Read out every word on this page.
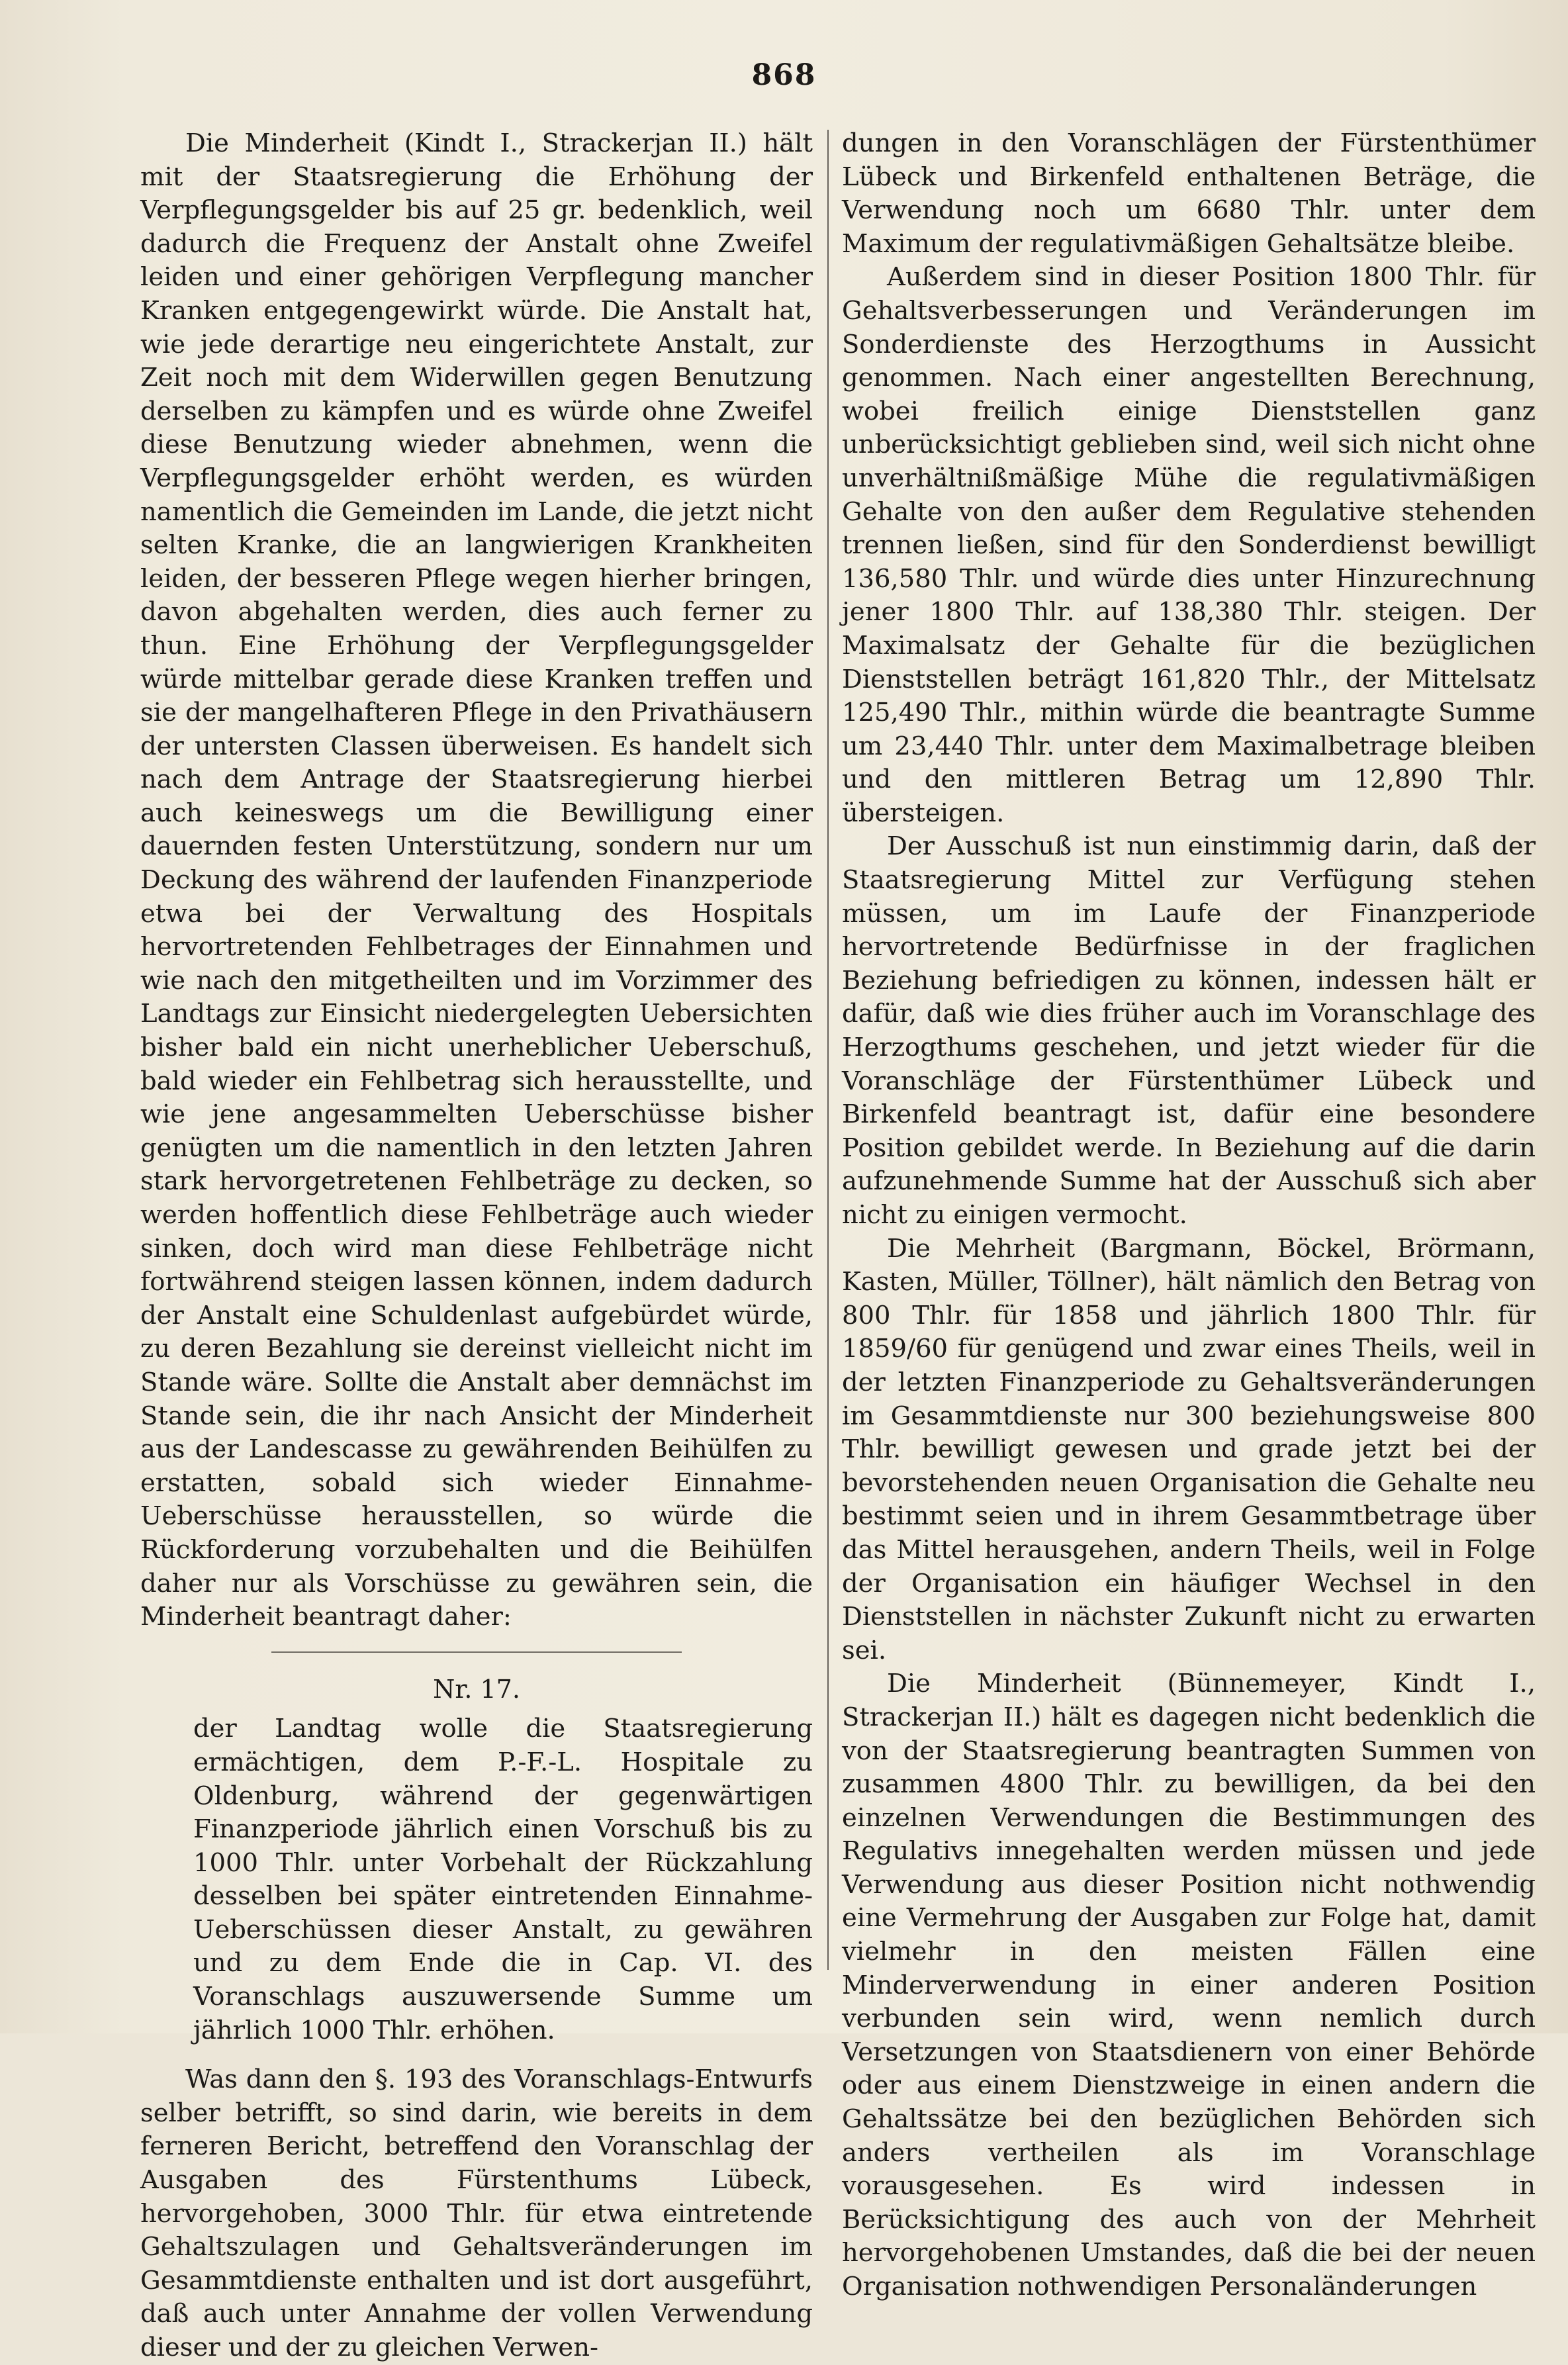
868

Die Minderheit (Kindt I., Strackerjan II.) hält mit der Staatsregierung die Erhöhung der Verpflegungsgelder bis auf 25 gr. bedenklich, weil dadurch die Frequenz der Anstalt ohne Zweifel leiden und einer gehörigen Verpflegung mancher Kranken entgegengewirkt würde. Die Anstalt hat, wie jede derartige neu eingerichtete Anstalt, zur Zeit noch mit dem Widerwillen gegen Benutzung derselben zu kämpfen und es würde ohne Zweifel diese Benutzung wieder abnehmen, wenn die Verpflegungsgelder erhöht werden, es würden namentlich die Gemeinden im Lande, die jetzt nicht selten Kranke, die an langwierigen Krankheiten leiden, der besseren Pflege wegen hierher bringen, davon abgehalten werden, dies auch ferner zu thun. Eine Erhöhung der Verpflegungsgelder würde mittelbar gerade diese Kranken treffen und sie der mangelhafteren Pflege in den Privathäusern der untersten Classen überweisen. Es handelt sich nach dem Antrage der Staatsregierung hierbei auch keineswegs um die Bewilligung einer dauernden festen Unterstützung, sondern nur um Deckung des während der laufenden Finanzperiode etwa bei der Verwaltung des Hospitals hervortretenden Fehlbetrages der Einnahmen und wie nach den mitgetheilten und im Vorzimmer des Landtags zur Einsicht niedergelegten Uebersichten bisher bald ein nicht unerheblicher Ueberschuß, bald wieder ein Fehlbetrag sich herausstellte, und wie jene angesammelten Ueberschüsse bisher genügten um die namentlich in den letzten Jahren stark hervorgetretenen Fehlbeträge zu decken, so werden hoffentlich diese Fehlbeträge auch wieder sinken, doch wird man diese Fehlbeträge nicht fortwährend steigen lassen können, indem dadurch der Anstalt eine Schuldenlast aufgebürdet würde, zu deren Bezahlung sie dereinst vielleicht nicht im Stande wäre. Sollte die Anstalt aber demnächst im Stande sein, die ihr nach Ansicht der Minderheit aus der Landescasse zu gewährenden Beihülfen zu erstatten, sobald sich wieder Einnahme-Ueberschüsse herausstellen, so würde die Rückforderung vorzubehalten und die Beihülfen daher nur als Vorschüsse zu gewähren sein, die Minderheit beantragt daher:

Nr. 17.

der Landtag wolle die Staatsregierung ermächtigen, dem P.-F.-L. Hospitale zu Oldenburg, während der gegenwärtigen Finanzperiode jährlich einen Vorschuß bis zu 1000 Thlr. unter Vorbehalt der Rückzahlung desselben bei später eintretenden Einnahme-Ueberschüssen dieser Anstalt, zu gewähren und zu dem Ende die in Cap. VI. des Voranschlags auszuwersende Summe um jährlich 1000 Thlr. erhöhen.

Was dann den §. 193 des Voranschlags-Entwurfs selber betrifft, so sind darin, wie bereits in dem ferneren Bericht, betreffend den Voranschlag der Ausgaben des Fürstenthums Lübeck, hervorgehoben, 3000 Thlr. für etwa eintretende Gehaltszulagen und Gehaltsveränderungen im Gesammtdienste enthalten und ist dort ausgeführt, daß auch unter Annahme der vollen Verwendung dieser und der zu gleichen Verwen-

dungen in den Voranschlägen der Fürstenthümer Lübeck und Birkenfeld enthaltenen Beträge, die Verwendung noch um 6680 Thlr. unter dem Maximum der regulativmäßigen Gehaltsätze bleibe.

Außerdem sind in dieser Position 1800 Thlr. für Gehaltsverbesserungen und Veränderungen im Sonderdienste des Herzogthums in Aussicht genommen. Nach einer angestellten Berechnung, wobei freilich einige Dienststellen ganz unberücksichtigt geblieben sind, weil sich nicht ohne unverhältnißmäßige Mühe die regulativmäßigen Gehalte von den außer dem Regulative stehenden trennen ließen, sind für den Sonderdienst bewilligt 136,580 Thlr. und würde dies unter Hinzurechnung jener 1800 Thlr. auf 138,380 Thlr. steigen. Der Maximalsatz der Gehalte für die bezüglichen Dienststellen beträgt 161,820 Thlr., der Mittelsatz 125,490 Thlr., mithin würde die beantragte Summe um 23,440 Thlr. unter dem Maximalbetrage bleiben und den mittleren Betrag um 12,890 Thlr. übersteigen.

Der Ausschuß ist nun einstimmig darin, daß der Staatsregierung Mittel zur Verfügung stehen müssen, um im Laufe der Finanzperiode hervortretende Bedürfnisse in der fraglichen Beziehung befriedigen zu können, indessen hält er dafür, daß wie dies früher auch im Voranschlage des Herzogthums geschehen, und jetzt wieder für die Voranschläge der Fürstenthümer Lübeck und Birkenfeld beantragt ist, dafür eine besondere Position gebildet werde. In Beziehung auf die darin aufzunehmende Summe hat der Ausschuß sich aber nicht zu einigen vermocht.

Die Mehrheit (Bargmann, Böckel, Brörmann, Kasten, Müller, Töllner), hält nämlich den Betrag von 800 Thlr. für 1858 und jährlich 1800 Thlr. für 1859/60 für genügend und zwar eines Theils, weil in der letzten Finanzperiode zu Gehaltsveränderungen im Gesammtdienste nur 300 beziehungsweise 800 Thlr. bewilligt gewesen und grade jetzt bei der bevorstehenden neuen Organisation die Gehalte neu bestimmt seien und in ihrem Gesammtbetrage über das Mittel herausgehen, andern Theils, weil in Folge der Organisation ein häufiger Wechsel in den Dienststellen in nächster Zukunft nicht zu erwarten sei.

Die Minderheit (Bünnemeyer, Kindt I., Strackerjan II.) hält es dagegen nicht bedenklich die von der Staatsregierung beantragten Summen von zusammen 4800 Thlr. zu bewilligen, da bei den einzelnen Verwendungen die Bestimmungen des Regulativs innegehalten werden müssen und jede Verwendung aus dieser Position nicht nothwendig eine Vermehrung der Ausgaben zur Folge hat, damit vielmehr in den meisten Fällen eine Minderverwendung in einer anderen Position verbunden sein wird, wenn nemlich durch Versetzungen von Staatsdienern von einer Behörde oder aus einem Dienstzweige in einen andern die Gehaltssätze bei den bezüglichen Behörden sich anders vertheilen als im Voranschlage vorausgesehen. Es wird indessen in Berücksichtigung des auch von der Mehrheit hervorgehobenen Umstandes, daß die bei der neuen Organisation nothwendigen Personaländerungen
